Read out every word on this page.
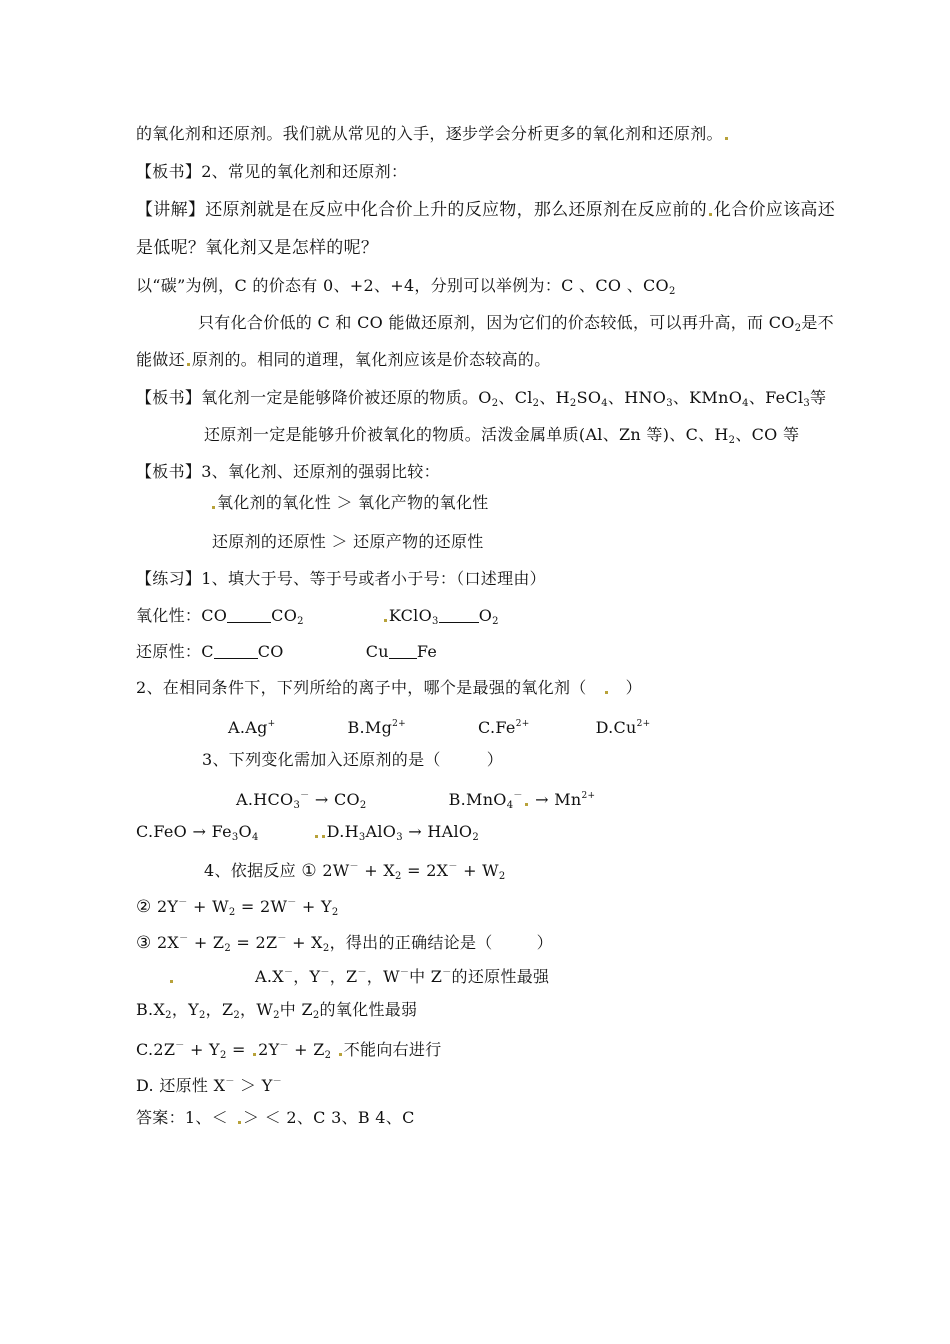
的氧化剂和还原剂。我们就从常见的入手，逐步学会分析更多的氧化剂和还原剂。
【板书】2、常见的氧化剂和还原剂：
【讲解】还原剂就是在反应中化合价上升的反应物，那么还原剂在反应前的 化合价应该高还
是低呢？氧化剂又是怎样的呢？
以“碳”为例，C 的价态有 0、+2、+4，分别可以举例为：C 、CO 、$CO_2$
只有化合价低的 C 和 CO 能做还原剂，因为它们的价态较低，可以再升高，而 $CO_2$是不
能做还 原剂的。相同的道理，氧化剂应该是价态较高的。
【板书】氧化剂一定是能够降价被还原的物质。$O_2$、$Cl_2$、$H_2SO_4$、$HNO_3$、KMnO$_4$、FeCl$_3$等
还原剂一定是能够升价被氧化的物质。活泼金属单质(Al、Zn 等)、C、$H_2$、CO 等
【板书】3、氧化剂、还原剂的强弱比较：
氧化剂的氧化性 ＞ 氧化产物的氧化性
还原剂的还原性 ＞ 还原产物的还原性
【练习】1、填大于号、等于号或者小于号：（口述理由）
氧化性：CO	$CO_2$	KClO$_3$	$O_2$
还原性：C	CO	Cu Fe
2、在相同条件下，下列所给的离子中，哪个是最强的氧化剂（ ）
A.Ag+	$B.Mg^{2+}$	$C.Fe^{2+}$	$D.Cu^{2+}$
3、下列变化需加入还原剂的是（	）
$A.HCO_3^- \to CO_2$	$B.MnO_4^- \to Mn^{2+}$
$C.FeO \to Fe_3O_4$	$D.H_3AlO_3$ → HAlO$_2$
4、依据反应 ① $2W^- + X_2 = 2X^- + W_2$
② $2Y^- + W_2 = 2W^- + Y_2$
③ $2X^- + Z_2 = 2Z^- + X_2$，得出的正确结论是（	）
A.X－，Y－，Z－，W－中 Z－的还原性最强
$B.X_2$，$Y_2$，$Z_2$，$W_2$中 $Z_2$的氧化性最弱
$C.2Z^- + Y_2 = 2Y^- + Z_2$ 不能向右进行
D. 还原性 X－ ＞ Y－
答案：1、＜ ＞ ＜ 2、C 3、B 4、C
